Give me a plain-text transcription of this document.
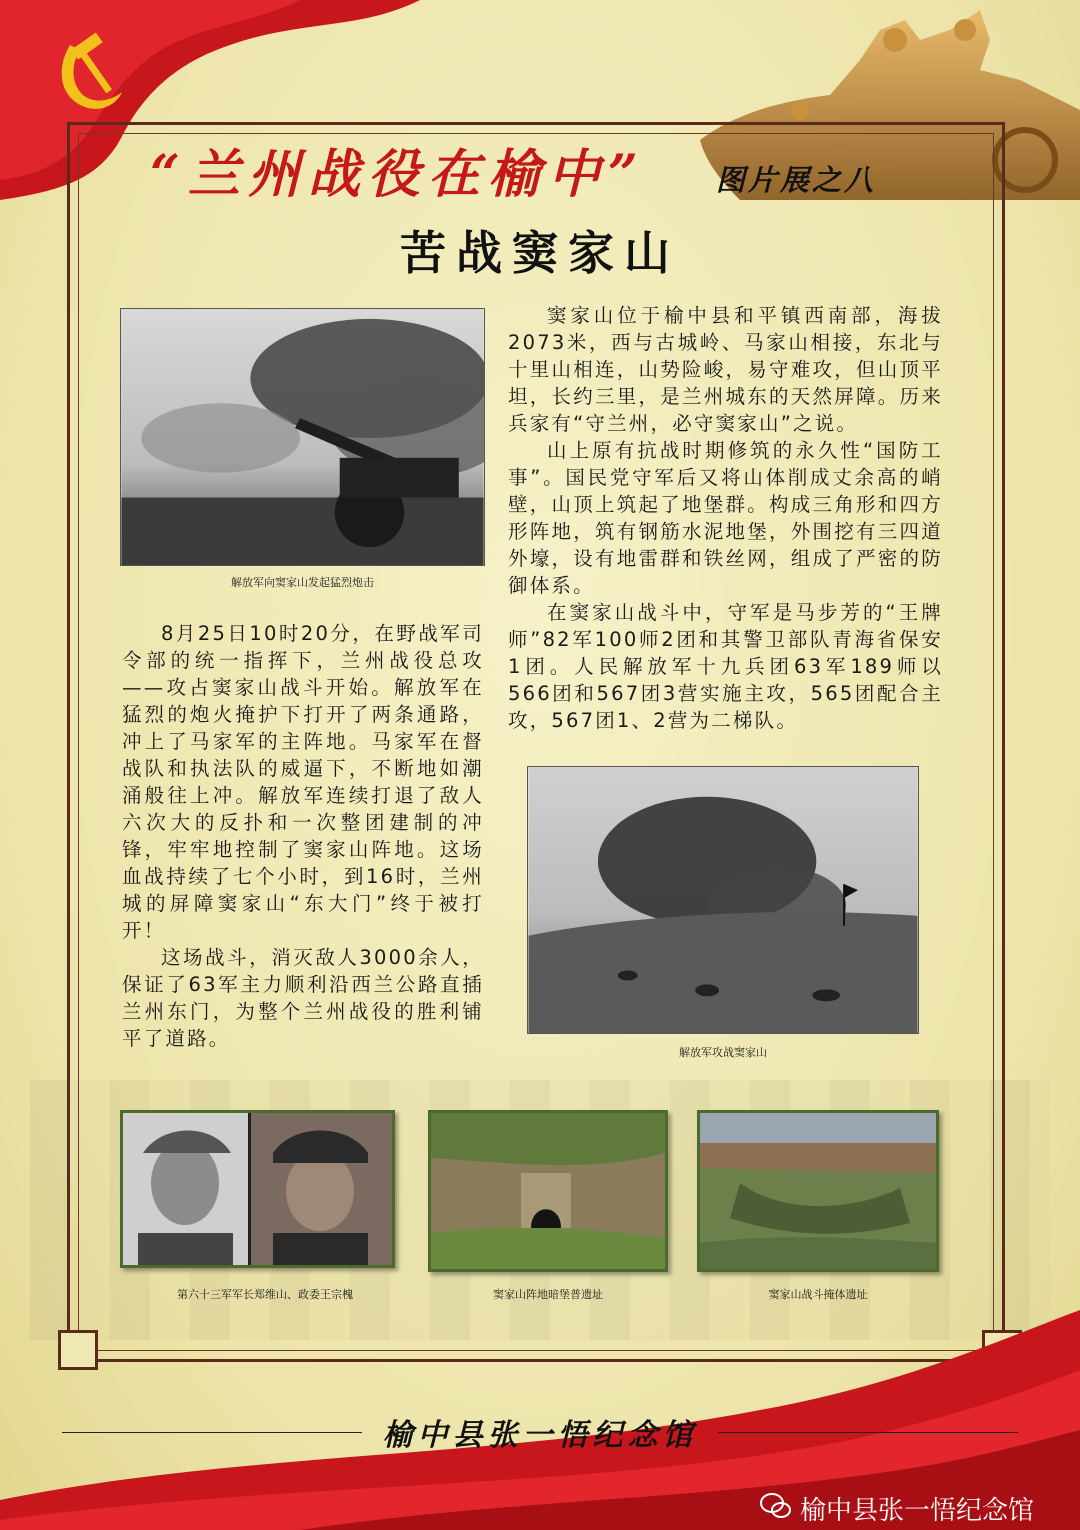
“兰州战役在榆中”	图片展之八
苦战窦家山
解放军向窦家山发起猛烈炮击

窦家山位于榆中县和平镇西南部，海拔2073米，西与古城岭、马家山相接，东北与十里山相连，山势险峻，易守难攻，但山顶平坦，长约三里，是兰州城东的天然屏障。历来兵家有“守兰州，必守窦家山”之说。

山上原有抗战时期修筑的永久性“国防工事”。国民党守军后又将山体削成丈余高的峭壁，山顶上筑起了地堡群。构成三角形和四方形阵地，筑有钢筋水泥地堡，外围挖有三四道外壕，设有地雷群和铁丝网，组成了严密的防御体系。

在窦家山战斗中，守军是马步芳的“王牌师”82军100师2团和其警卫部队青海省保安1团。人民解放军十九兵团63军189师以566团和567团3营实施主攻，565团配合主攻，567团1、2营为二梯队。

8月25日10时20分，在野战军司令部的统一指挥下，兰州战役总攻——攻占窦家山战斗开始。解放军在猛烈的炮火掩护下打开了两条通路，冲上了马家军的主阵地。马家军在督战队和执法队的威逼下，不断地如潮涌般往上冲。解放军连续打退了敌人六次大的反扑和一次整团建制的冲锋，牢牢地控制了窦家山阵地。这场血战持续了七个小时，到16时，兰州城的屏障窦家山“东大门”终于被打开！

这场战斗，消灭敌人3000余人，保证了63军主力顺利沿西兰公路直插兰州东门，为整个兰州战役的胜利铺平了道路。

解放军攻战窦家山
第六十三军军长郑维山、政委王宗槐	窦家山阵地暗堡普遗址	窦家山战斗掩体遗址
榆中县张一悟纪念馆
榆中县张一悟纪念馆
